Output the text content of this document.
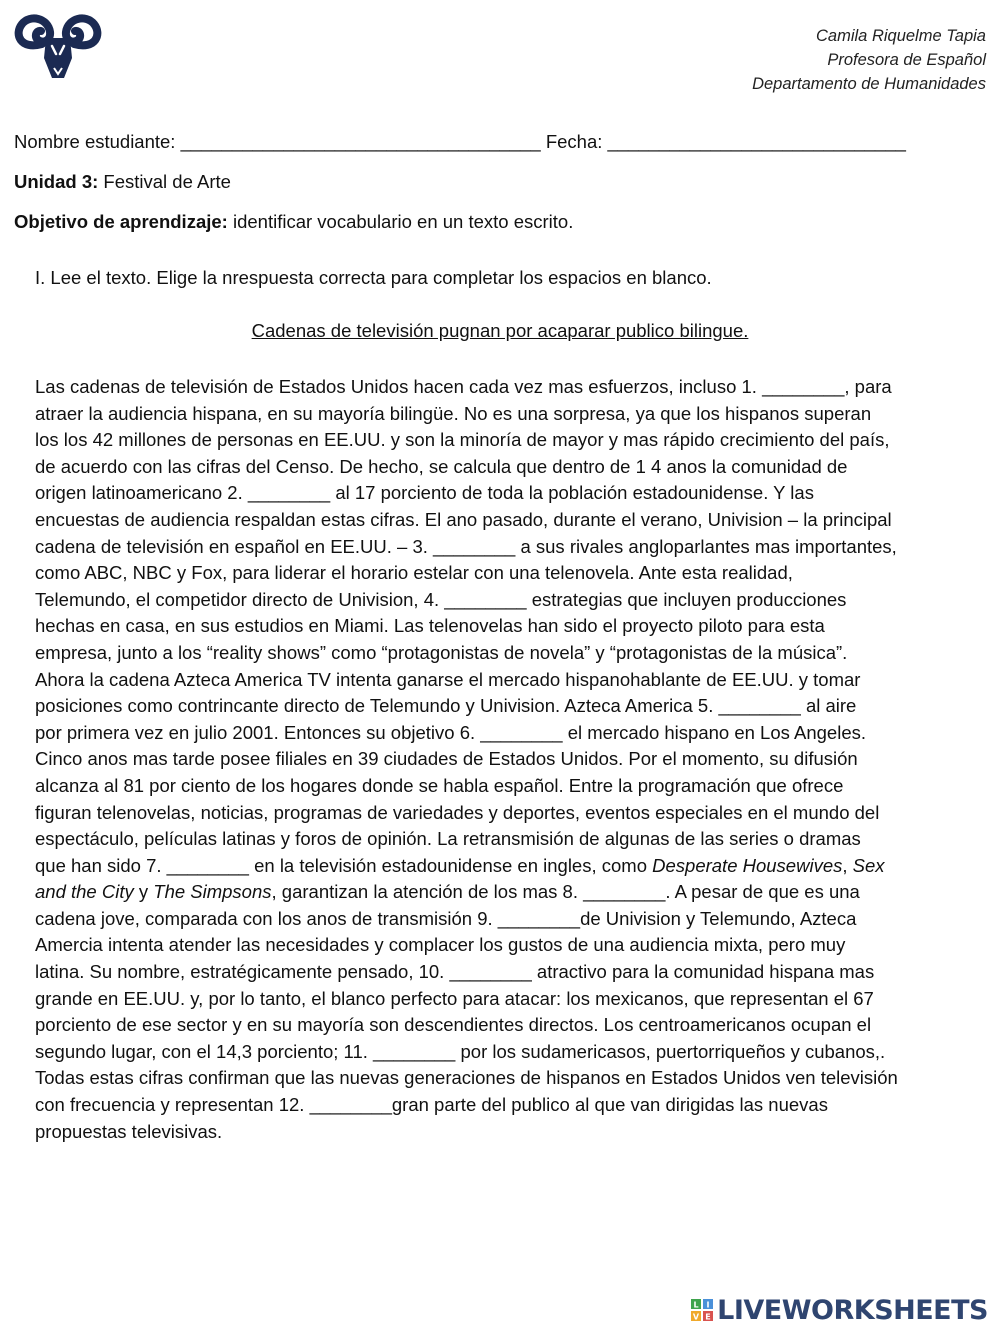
Camila Riquelme Tapia
Profesora de Español
Departamento de Humanidades
Nombre estudiante: ___________________________________ Fecha: _____________________________
Unidad 3: Festival de Arte
Objetivo de aprendizaje: identificar vocabulario en un texto escrito.
I. Lee el texto. Elige la nrespuesta correcta para completar los espacios en blanco.
Cadenas de televisión pugnan por acaparar publico bilingue.

Las cadenas de televisión de Estados Unidos hacen cada vez mas esfuerzos, incluso 1. ________, para

atraer la audiencia hispana, en su mayoría bilingüe. No es una sorpresa, ya que los hispanos superan

los los 42 millones de personas en EE.UU. y son la minoría de mayor y mas rápido crecimiento del país,

de acuerdo con las cifras del Censo. De hecho, se calcula que dentro de 1 4 anos la comunidad de

origen latinoamericano 2. ________ al 17 porciento de toda la población estadounidense. Y las

encuestas de audiencia respaldan estas cifras. El ano pasado, durante el verano, Univision – la principal

cadena de televisión en español en EE.UU. – 3. ________ a sus rivales angloparlantes mas importantes,

como ABC, NBC y Fox, para liderar el horario estelar con una telenovela. Ante esta realidad,

Telemundo, el competidor directo de Univision, 4. ________ estrategias que incluyen producciones

hechas en casa, en sus estudios en Miami. Las telenovelas han sido el proyecto piloto para esta

empresa, junto a los “reality shows” como “protagonistas de novela” y “protagonistas de la música”.

Ahora la cadena Azteca America TV intenta ganarse el mercado hispanohablante de EE.UU. y tomar

posiciones como contrincante directo de Telemundo y Univision. Azteca America 5. ________ al aire

por primera vez en julio 2001. Entonces su objetivo 6. ________ el mercado hispano en Los Angeles.

Cinco anos mas tarde posee filiales en 39 ciudades de Estados Unidos. Por el momento, su difusión

alcanza al 81 por ciento de los hogares donde se habla español. Entre la programación que ofrece

figuran telenovelas, noticias, programas de variedades y deportes, eventos especiales en el mundo del

espectáculo, películas latinas y foros de opinión. La retransmisión de algunas de las series o dramas

que han sido 7. ________ en la televisión estadounidense en ingles, como Desperate Housewives, Sex

and the City y The Simpsons, garantizan la atención de los mas 8. ________. A pesar de que es una

cadena jove, comparada con los anos de transmisión 9. ________de Univision y Telemundo, Azteca

Amercia intenta atender las necesidades y complacer los gustos de una audiencia mixta, pero muy

latina. Su nombre, estratégicamente pensado, 10. ________ atractivo para la comunidad hispana mas

grande en EE.UU. y, por lo tanto, el blanco perfecto para atacar: los mexicanos, que representan el 67

porciento de ese sector y en su mayoría son descendientes directos. Los centroamericanos ocupan el

segundo lugar, con el 14,3 porciento; 11. ________ por los sudamericasos, puertorriqueños y cubanos,.

Todas estas cifras confirman que las nuevas generaciones de hispanos en Estados Unidos ven televisión

con frecuencia y representan 12. ________gran parte del publico al que van dirigidas las nuevas

propuestas televisivas.

L I
V E LIVEWORKSHEETS
